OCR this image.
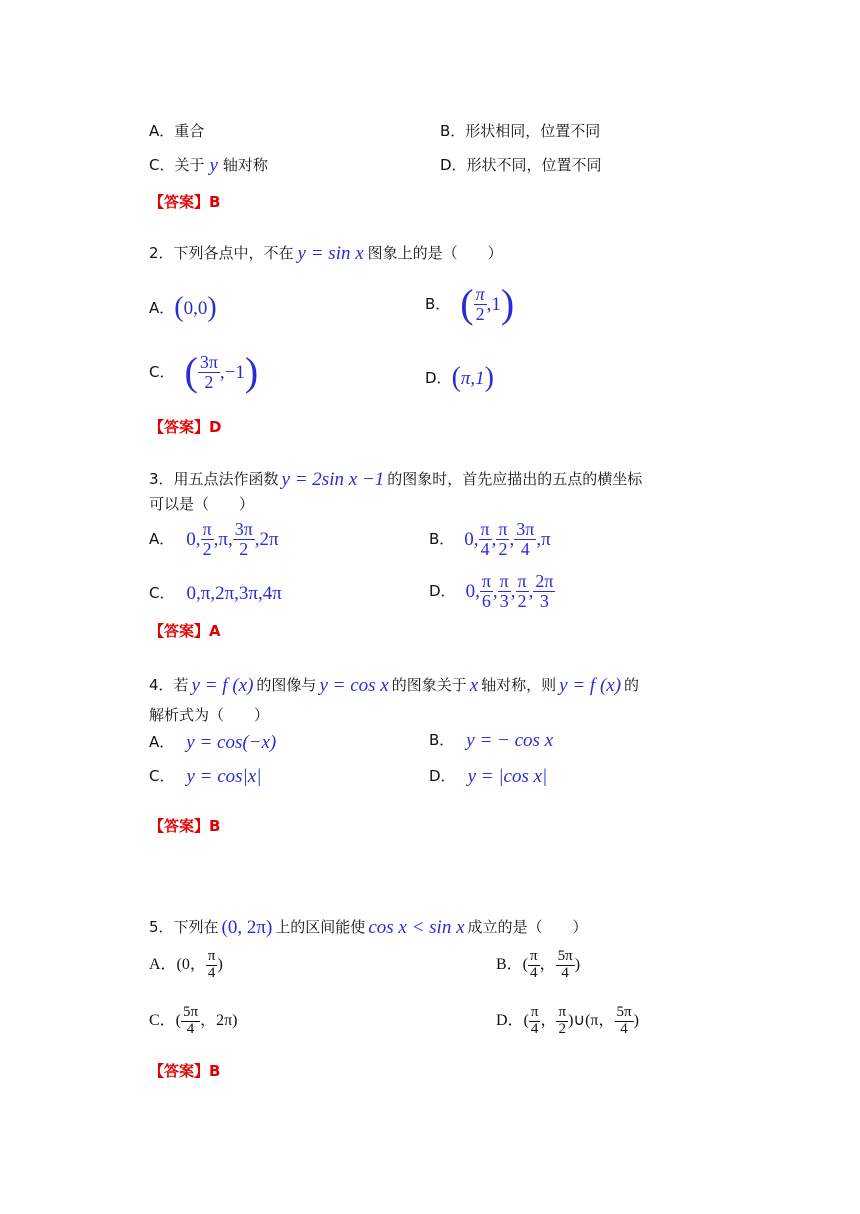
A．重合	B．形状相同，位置不同
C．关于 y 轴对称	D．形状不同，位置不同
【答案】B
2．下列各点中，不在 y = sin x 图象上的是（　　）
A． ( 0,0 )	B． ( $\frac{\pi}{2} ,1$ )
C． ( $\frac{3\pi}{2} ,-1$ )	D． ( π,1 )
【答案】D
3．用五点法作函数 y = 2sin x −1 的图象时，首先应描出的五点的横坐标
可以是（　　）
A． 0, $\frac{\pi}{2} ,\pi$, $\frac{3\pi}{2} ,2\pi$	B． 0, $\frac{\pi}{4}$ , $\frac{\pi}{2}$ , $\frac{3\pi}{4} ,\pi$
C． 0,π,2π,3π,4π	D． 0, $\frac{\pi}{6}$ , $\frac{\pi}{3}$ , $\frac{\pi}{2}$ , $\frac{2\pi}{3}$
【答案】A
4．若 y = f (x) 的图像与 y = cos x 的图象关于 x 轴对称，则 y = f (x) 的
解析式为（　　）
A． y = cos(−x)	B． y = − cos x
C． y = cos|x|	D． y = |cos x|
【答案】B
5．下列在 (0, 2π) 上的区间能使 cos x < sin x 成立的是（　　）
A．(0， $\frac{\pi}{4}$ )	B．( $\frac{\pi}{4}$ ， $\frac{5\pi}{4}$ )
C．( $\frac{5\pi}{4}$ ，2π)	D．( $\frac{\pi}{4}$ ， $\frac{\pi}{2}$ )∪(π， $\frac{5\pi}{4}$ )
【答案】B
